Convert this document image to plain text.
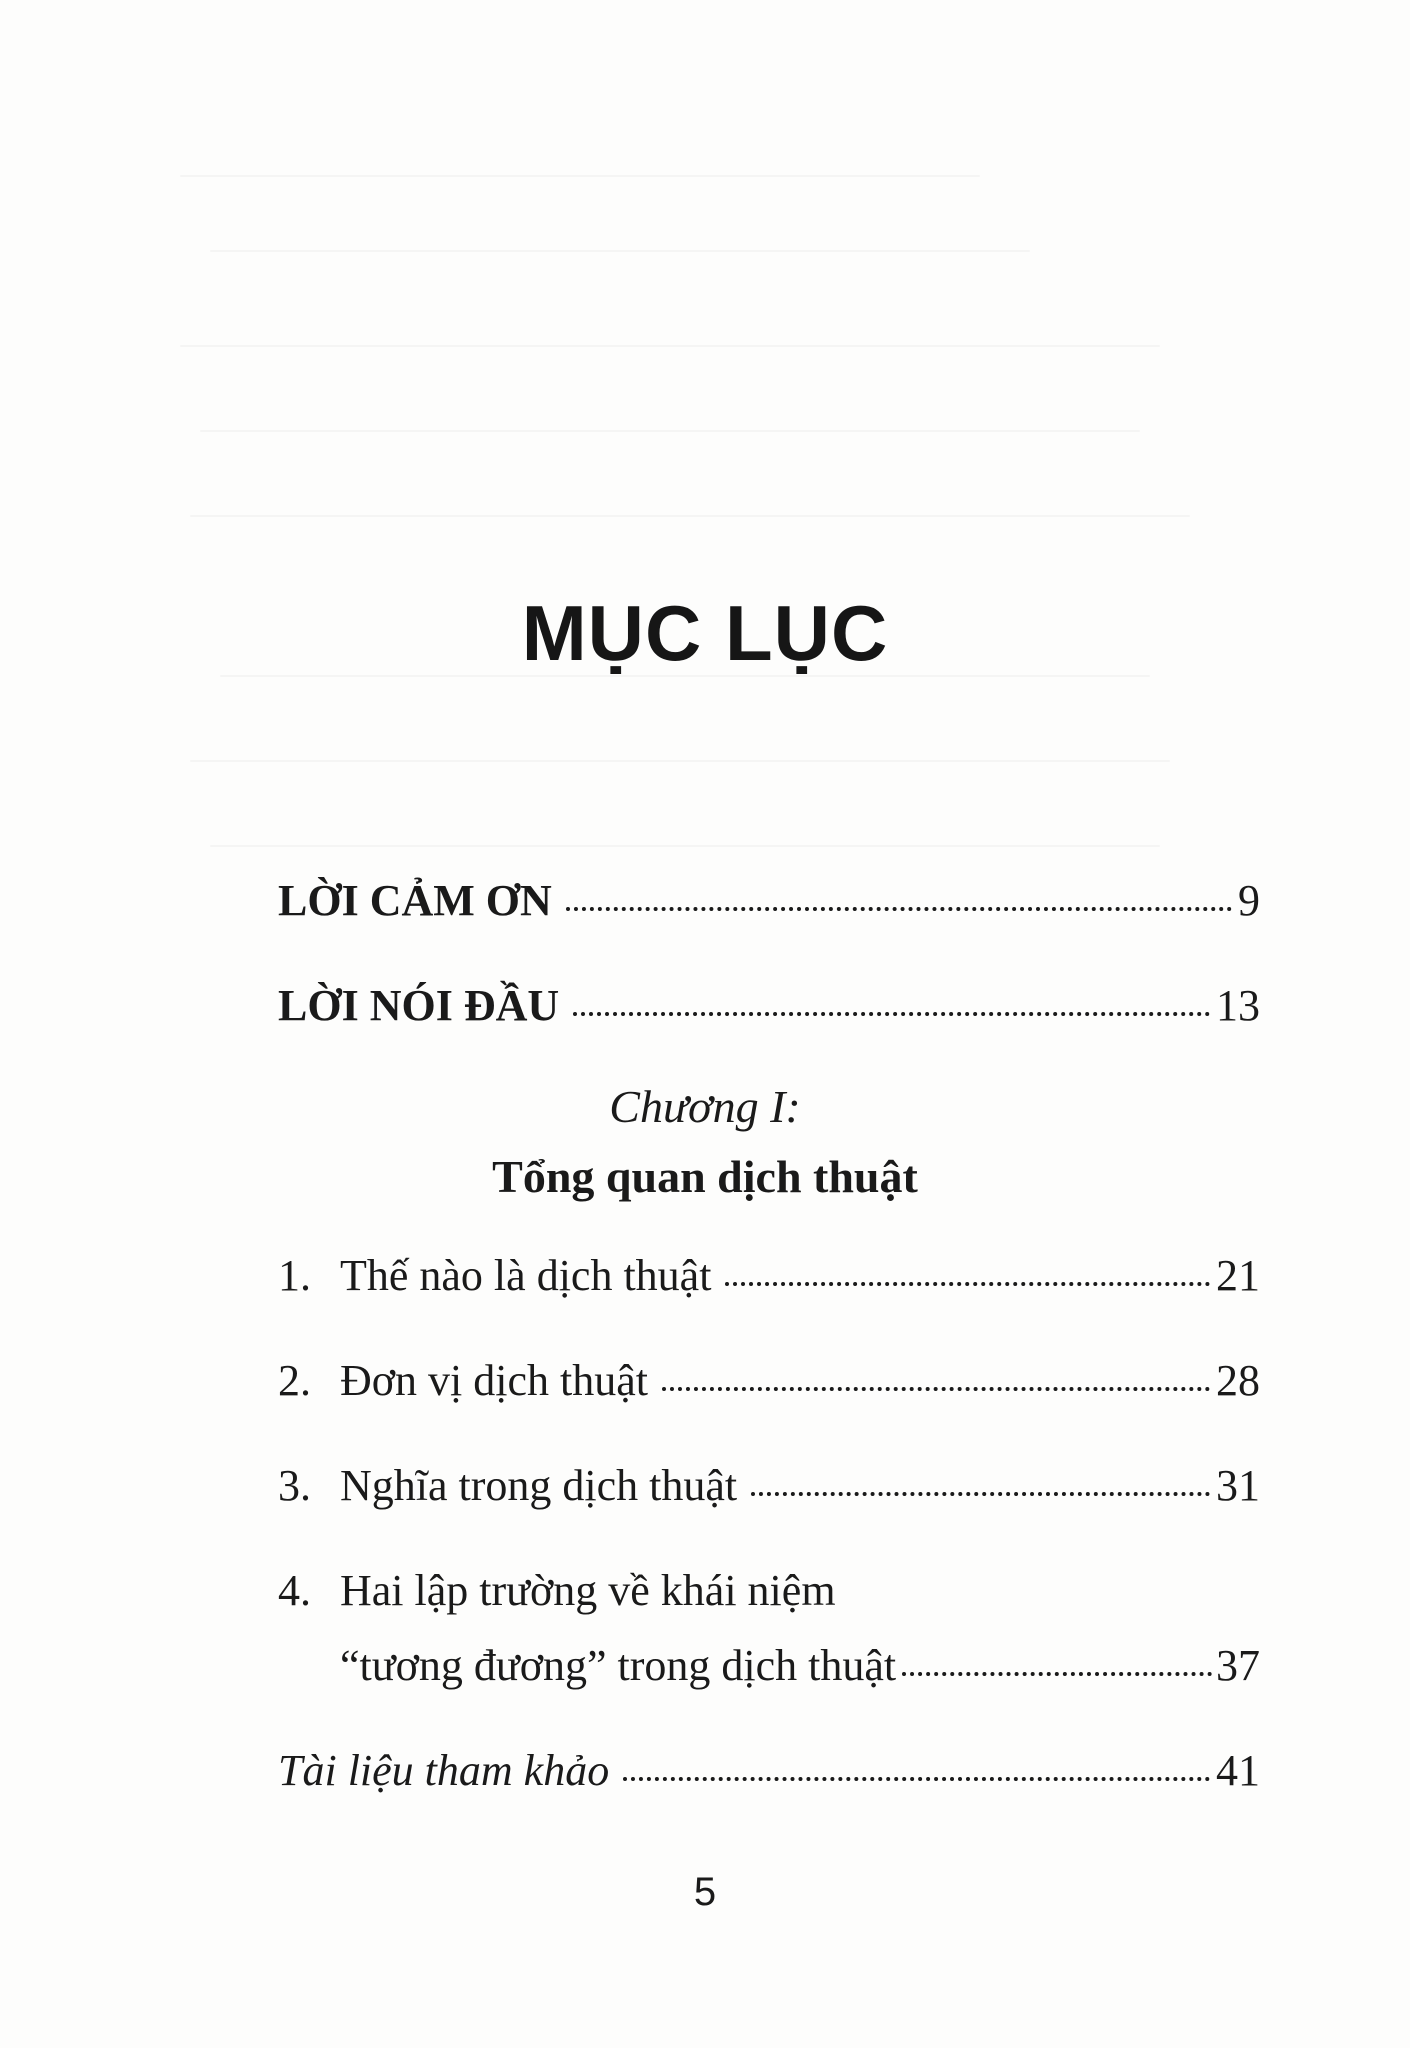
MỤC LỤC
LỜI CẢM ƠN	9
LỜI NÓI ĐẦU	13
Chương I:
Tổng quan dịch thuật
1. Thế nào là dịch thuật	21
2. Đơn vị dịch thuật	28
3. Nghĩa trong dịch thuật	31
4. Hai lập trường về khái niệm
“tương đương” trong dịch thuật	37
Tài liệu tham khảo	41
5
